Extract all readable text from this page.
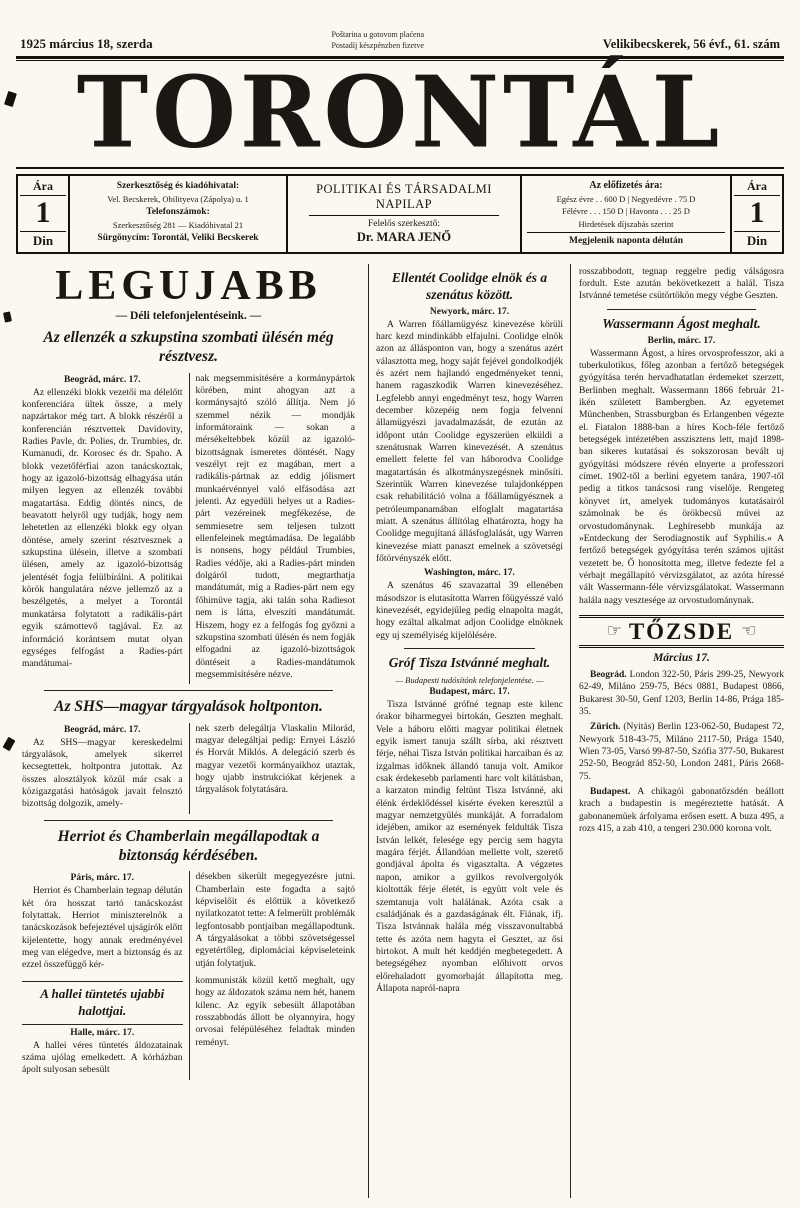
1925 március 18, szerda
Poštarina u gotovom plaćena
Postadíj készpénzben fizetve	Velikibecskerek, 56 évf., 61. szám
TORONTÁL
Ára
1
Din
Szerkesztőség és kiadóhivatal:
Vel. Becskerek, Obilityeva (Zápolya) u. 1
Telefonszámok:
Szerkesztőség 281 — Kiadóhivatal 21
Sürgönycím: Torontál, Veliki Becskerek
POLITIKAI ÉS TÁRSADALMI NAPILAP
Felelős szerkesztő:
Dr. MARA JENŐ
Az előfizetés ára:
Egész évre . . 600 D | Negyedévre . 75 D
Félévre . . . 150 D | Havonta . . . 25 D
Hirdetések díjszabás szerint
Megjelenik naponta délután
Ára
1
Din
LEGUJABB
— Déli telefonjelentéseink. —
Az ellenzék a szkupstina szombati ülésén még résztvesz.
Beográd, márc. 17.

Az ellenzéki blokk vezetői ma délelőtt konferenciára ültek össze, a mely napzártakor még tart. A blokk részéről a konferencián résztvettek Davidovity, Radies Pavle, dr. Polies, dr. Trumbies, dr. Kumanudi, dr. Korosec és dr. Spaho. A blokk vezetőférfiai azon tanácskoztak, hogy az igazoló-bizottság elhagyása után milyen legyen az ellenzék további magatartása. Eddig döntés nincs, de beavatott helyről ugy tudják, hogy nem lehetetlen az ellenzéki blokk egy olyan döntése, amely szerint résztvesznek a szkupstina ülésein, illetve a szombati ülésen, amely az igazoló-bizottság jelentését fogja felülbírálni. A politikai körök hangulatára nézve jellemző az a beszélgetés, a melyet a Torontál munkatársa folytatott a radikális-párt egyik számottevő tagjával. Ez az információ korántsem mutat olyan egységes felfogást a Radies-párt mandátumai-

nak megsemmisítésére a kormánypártok körében, mint ahogyan azt a kormánysajtó szóló állítja. Nem jó szemmel nézik — mondják informátoraink — sokan a mérsékeltebbek közül az igazoló-bizottságnak ismeretes döntését. Nagy veszélyt rejt ez magában, mert a radikális-pártnak az eddig jólismert munkaérvénnyel való elfásodása azt jelenti. Az egyedüli helyes ut a Radies-párt vezéreinek megfékezése, de semmiesetre sem teljesen tulzott ellenfeleinek megtámadása. De legalább is nonsens, hogy például Trumbies, Radies védője, aki a Radies-párt minden dolgáról tudott, megtarthatja mandátumát, mig a Radies-párt nem egy főhimüve tagja, aki talán soha Radiesot nem is látta, elveszíti mandátumát. Hiszem, hogy ez a felfogás fog győzni a szkupstina szombati ülésén és nem fogják elfogadni az igazoló-bizottságok döntéseit a Radies-mandátumok megsemmisítésére nézve.

Az SHS—magyar tárgyalások holtponton.
Beográd, márc. 17.

Az SHS—magyar kereskedelmi tárgyalások, amelyek sikerrel kecsegtettek, holtpontra jutottak. Az összes alosztályok közül már csak a közigazgatási hatóságok javait felosztó bizottság dolgozik, amely-

nek szerb delegáltja Vlaskalin Milorád, magyar delegáltjai pedig: Ernyei László és Horvát Miklós. A delegáció szerb és magyar vezetői kormányaikhoz utaztak, hogy ujabb instrukciókat kérjenek a tárgyalások folytatására.

Herriot és Chamberlain megállapodtak a biztonság kérdésében.
Páris, márc. 17.

Herriot és Chamberlain tegnap délután két óra hosszat tartó tanácskozást folytattak. Herriot miniszterelnök a tanácskozások befejeztével ujságírók előtt kijelentette, hogy annak eredményével meg van elégedve, mert a biztonság és az ezzel összefüggő kér-

désekben sikerült megegyezésre jutni. Chamberlain este fogadta a sajtó képviselőit és előttük a következő nyilatkozatot tette: A felmerült problémák legfontosabb pontjaiban megállapodtunk. A tárgyalásokat a többi szövetségessel egyetértőleg, diplomáciai képviseleteink utján folytatjuk.

A hallei tüntetés ujabbi halottjai.
Halle, márc. 17.

A hallei véres tüntetés áldozatainak száma ujólag emelkedett. A kórházban ápolt sulyosan sebesült

kommunisták közül kettő meghalt, ugy hogy az áldozatok száma nem hét, hanem kilenc. Az egyik sebesült állapotában rosszabbodás állott be olyannyira, hogy orvosai felépüléséhez feladtak minden reményt.

Ellentét Coolidge elnök és a szenátus között.
Newyork, márc. 17.

A Warren főállamügyész kinevezése körüli harc kezd mindinkább elfajulni. Coolidge elnök azon az állásponton van, hogy a szenátus azért választotta meg, hogy saját fejével gondolkodjék és azért nem hajlandó engedményeket tenni, hanem ragaszkodik Warren kinevezéséhez. Legfelebb annyi engedményt tesz, hogy Warren december közepéig nem fogja felvenni államügyészi javadalmazását, de ezután az időpont után Coolidge egyszerüen elküldi a szenátusnak Warren kinevezését. A szenátus emellett felette fel van háborodva Coolidge magatartásán és alkotmányszegésnek minősíti. Szerintük Warren kinevezése tulajdonképpen csak rehabilitáció volna a főállamügyésznek a petróleumpanamában elfoglalt magatartása miatt. A szenátus állítólag elhatározta, hogy ha Coolidge megujítaná állásfoglalását, ugy Warren kinevezése miatt panaszt emelnek a szövetségi főtörvényszék előtt.

Washington, márc. 17.

A szenátus 46 szavazattal 39 ellenében másodszor is elutasította Warren főügyésszé való kinevezését, egyidejűleg pedig elnapolta magát, hogy ezáltal alkalmat adjon Coolidge elnöknek egy uj személyiség kijelölésére.

Gróf Tisza Istvánné meghalt.
— Budapesti tudósítónk telefonjelentése. —
Budapest, márc. 17.

Tisza Istvánné grófné tegnap este kilenc órakor biharmegyei birtokán, Geszten meghalt. Vele a háboru előtti magyar politikai életnek egyik ismert tanuja szállt sírba, aki résztvett férje, néhai Tisza István politikai harcaiban és az izgalmas időknek állandó tanuja volt. Amikor csak érdekesebb parlamenti harc volt kilátásban, a karzaton mindig feltünt Tisza Istvánné, aki élénk érdeklődéssel kisérte éveken keresztül a magyar nemzetgyülés munkáját. A forradalom idejében, amikor az események feldulták Tisza István lelkét, felesége egy percig sem hagyta magára férjét. Állandóan mellette volt, szerető gondjával ápolta és vigasztalta. A végzetes napon, amikor a gyilkos revolvergolyók kioltották férje életét, is együtt volt vele és szemtanuja volt halálának. Azóta csak a családjának és a gazdaságának élt. Fiának, ifj. Tisza Istvánnak halála még visszavonultabbá tette és azóta nem hagyta el Gesztet, az ősi birtokot. A mult hét keddjén megbetegedett. A betegségéhez nyomban előhivott orvos előrehaladott gyomorbaját állapította meg. Állapota napról-napra

rosszabbodott, tegnap reggelre pedig válságosra fordult. Este azután bekövetkezett a halál. Tisza Istvánné temetése csütörtökön megy végbe Geszten.

Wassermann Ágost meghalt.
Berlin, márc. 17.

Wassermann Ágost, a híres orvosprofesszor, aki a tuberkulotikus, főleg azonban a fertőző betegségek gyógyítása terén hervadhatatlan érdemeket szerzett, Berlinben meghalt. Wassermann 1866 február 21-ikén született Bambergben. Az egyetemet Münchenben, Strassburgban és Erlangenben végezte el. Fiatalon 1888-ban a híres Koch-féle fertőző betegségek intézetében asszisztens lett, majd 1898-ban sikeres kutatásai és sokszorosan bevált uj gyógyítási módszere révén elnyerte a professzori címet. 1902-től a berlini egyetem tanára, 1907-től pedig a titkos tanácsosi rang viselője. Rengeteg könyvet írt, amelyek tudományos kutatásairól számolnak be és örökbecsű művei az orvostudománynak. Leghíresebb munkája az »Entdeckung der Serodiagnostik auf Syphilis.« A fertőző betegségek gyógyítása terén számos ujítást vezetett be. Ő honosította meg, illetve fedezte fel a vérbajt megállapító vérvizsgálatot, az azóta híressé vált Wassermann-féle vérvizsgálatokat. Wassermann halála nagy vesztesége az orvostudománynak.

☞ TŐZSDE ☜
Március 17.

Beográd. London 322-50, Páris 299-25, Newyork 62-49, Miláno 259-75, Bécs 0881, Budapest 0866, Bukarest 30-50, Genf 1203, Berlin 14-86, Prága 185-35.

Zürich. (Nyitás) Berlin 123-062-50, Budapest 72, Newyork 518-43-75, Miláno 2117-50, Prága 1540, Wien 73-05, Varsó 99-87-50, Szófia 377-50, Bukarest 252-50, Beográd 852-50, London 2481, Páris 2668-75.

Budapest. A chikagói gabonatőzsdén beállott krach a budapestin is megéreztette hatását. A gabonanemüek árfolyama erősen esett. A buza 495, a rozs 415, a zab 410, a tengeri 230.000 korona volt.
